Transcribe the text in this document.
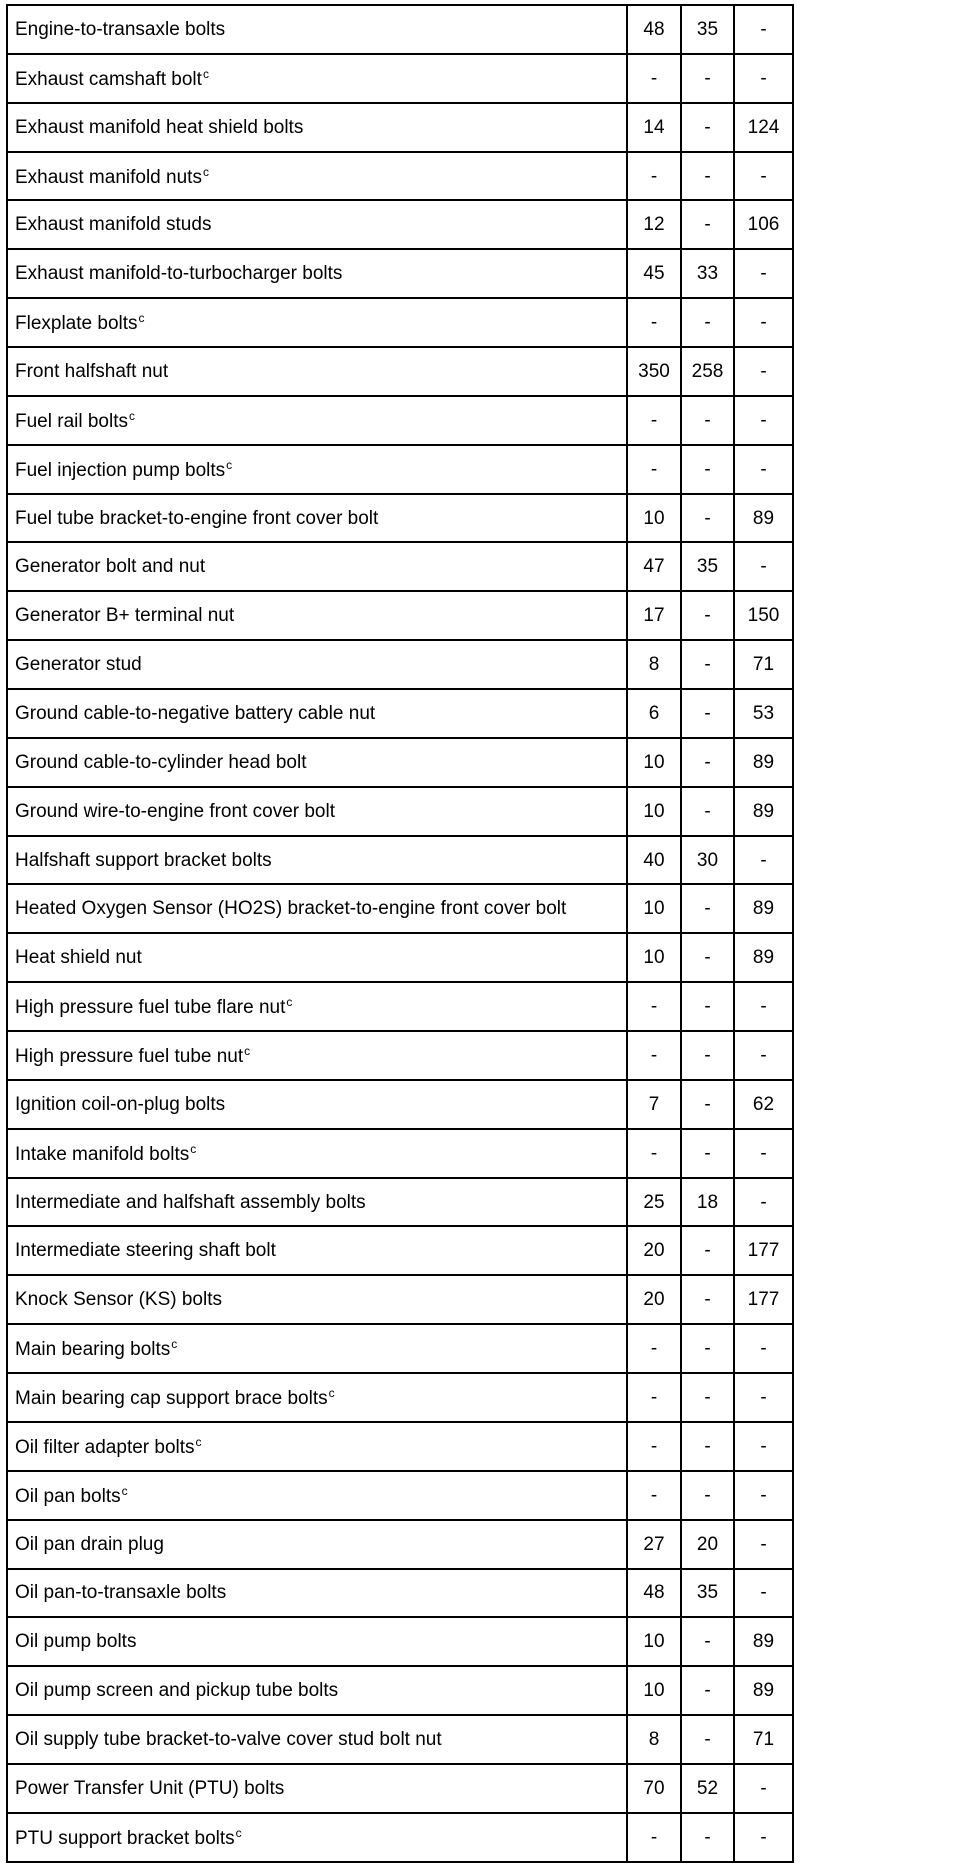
Engine-to-transaxle bolts	48	35	-
Exhaust camshaft bolt$^c$	-	-	-
Exhaust manifold heat shield bolts	14	-	124
Exhaust manifold nuts$^c$	-	-	-
Exhaust manifold studs	12	-	106
Exhaust manifold-to-turbocharger bolts	45	33	-
Flexplate bolts$^c$	-	-	-
Front halfshaft nut	350	258	-
Fuel rail bolts$^c$	-	-	-
Fuel injection pump bolts$^c$	-	-	-
Fuel tube bracket-to-engine front cover bolt	10	-	89
Generator bolt and nut	47	35	-
Generator B+ terminal nut	17	-	150
Generator stud	8	-	71
Ground cable-to-negative battery cable nut	6	-	53
Ground cable-to-cylinder head bolt	10	-	89
Ground wire-to-engine front cover bolt	10	-	89
Halfshaft support bracket bolts	40	30	-
Heated Oxygen Sensor (HO2S) bracket-to-engine front cover bolt	10	-	89
Heat shield nut	10	-	89
High pressure fuel tube flare nut$^c$	-	-	-
High pressure fuel tube nut$^c$	-	-	-
Ignition coil-on-plug bolts	7	-	62
Intake manifold bolts$^c$	-	-	-
Intermediate and halfshaft assembly bolts	25	18	-
Intermediate steering shaft bolt	20	-	177
Knock Sensor (KS) bolts	20	-	177
Main bearing bolts$^c$	-	-	-
Main bearing cap support brace bolts$^c$	-	-	-
Oil filter adapter bolts$^c$	-	-	-
Oil pan bolts$^c$	-	-	-
Oil pan drain plug	27	20	-
Oil pan-to-transaxle bolts	48	35	-
Oil pump bolts	10	-	89
Oil pump screen and pickup tube bolts	10	-	89
Oil supply tube bracket-to-valve cover stud bolt nut	8	-	71
Power Transfer Unit (PTU) bolts	70	52	-
PTU support bracket bolts$^c$	-	-	-
